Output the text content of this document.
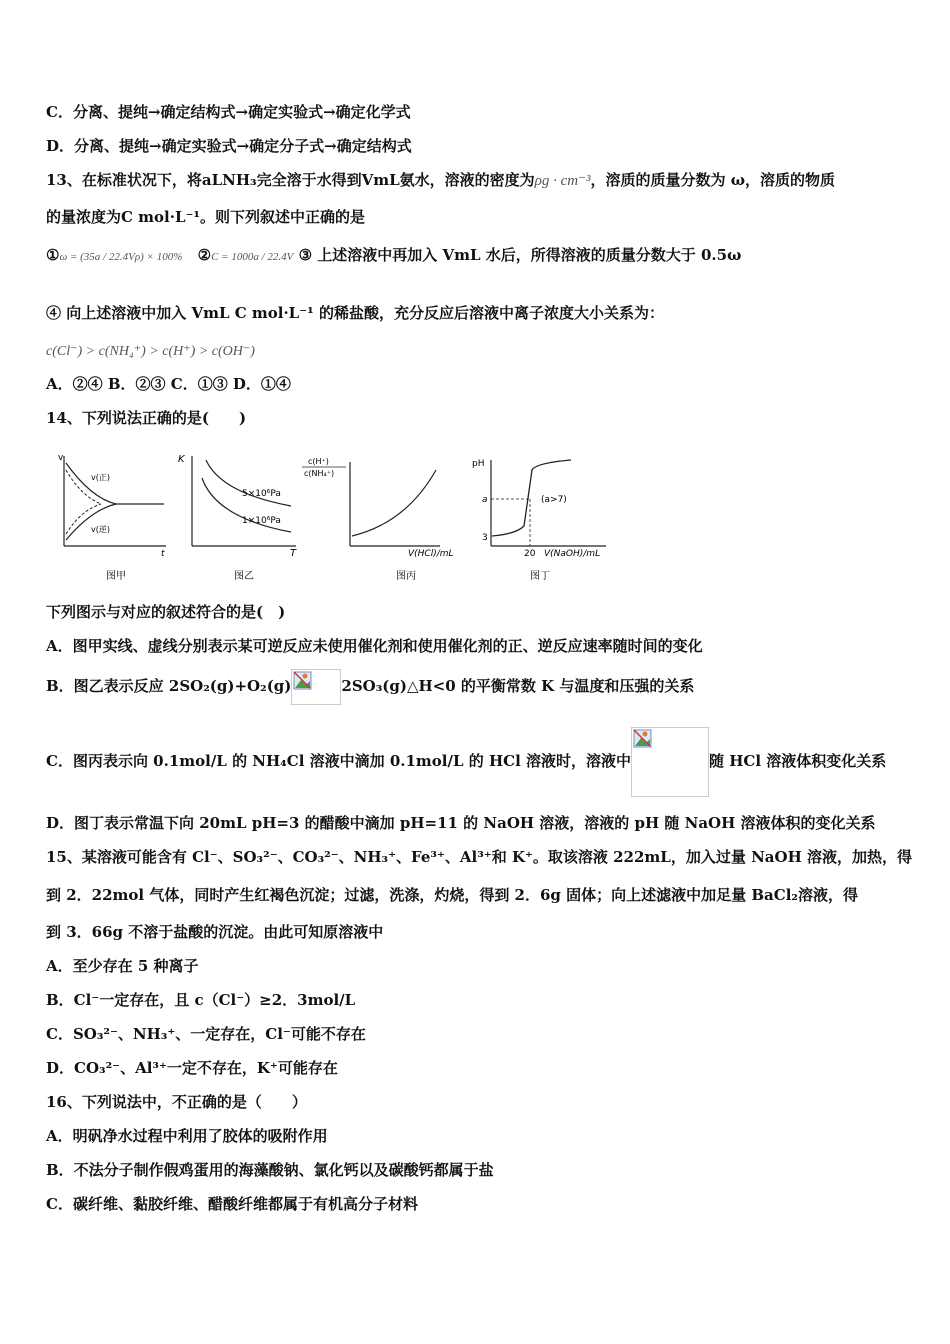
C．分离、提纯→确定结构式→确定实验式→确定化学式
D．分离、提纯→确定实验式→确定分子式→确定结构式
13、在标准状况下，将aLNH₃完全溶于水得到VmL氨水，溶液的密度为ρg · cm⁻³，溶质的质量分数为 ω，溶质的物质
的量浓度为C mol·L⁻¹。则下列叙述中正确的是
①ω = (35a / 22.4Vρ) × 100% ②C = 1000a / 22.4V ③ 上述溶液中再加入 VmL 水后，所得溶液的质量分数大于 0.5ω
④ 向上述溶液中加入 VmL C mol·L⁻¹ 的稀盐酸，充分反应后溶液中离子浓度大小关系为：
c(Cl⁻) > c(NH₄⁺) > c(H⁺) > c(OH⁻)
A．②④ B．②③ C．①③ D．①④
14、下列说法正确的是(　　)
v
t
v(正)
v(逆)
图甲
K
T
5×10⁶Pa
1×10⁶Pa
图乙
c(H⁺)
c(NH₄⁺)
V(HCl)/mL
图丙
pH
a
3
(a>7)
20 V(NaOH)/mL
图丁
下列图示与对应的叙述符合的是(　)
A．图甲实线、虚线分别表示某可逆反应未使用催化剂和使用催化剂的正、逆反应速率随时间的变化
B．图乙表示反应 2SO₂(g)+O₂(g)	2SO₃(g)△H<0 的平衡常数 K 与温度和压强的关系
C．图丙表示向 0.1mol/L 的 NH₄Cl 溶液中滴加 0.1mol/L 的 HCl 溶液时，溶液中	随 HCl 溶液体积变化关系
D．图丁表示常温下向 20mL pH=3 的醋酸中滴加 pH=11 的 NaOH 溶液，溶液的 pH 随 NaOH 溶液体积的变化关系
15、某溶液可能含有 Cl⁻、SO₃²⁻、CO₃²⁻、NH₃⁺、Fe³⁺、Al³⁺和 K⁺。取该溶液 222mL，加入过量 NaOH 溶液，加热，得
到 2．22mol 气体，同时产生红褐色沉淀；过滤，洗涤，灼烧，得到 2．6g 固体；向上述滤液中加足量 BaCl₂溶液，得
到 3．66g 不溶于盐酸的沉淀。由此可知原溶液中
A．至少存在 5 种离子
B．Cl⁻一定存在，且 c（Cl⁻）≥2．3mol/L
C．SO₃²⁻、NH₃⁺、一定存在，Cl⁻可能不存在
D．CO₃²⁻、Al³⁺一定不存在，K⁺可能存在
16、下列说法中，不正确的是（　　）
A．明矾净水过程中利用了胶体的吸附作用
B．不法分子制作假鸡蛋用的海藻酸钠、氯化钙以及碳酸钙都属于盐
C．碳纤维、黏胶纤维、醋酸纤维都属于有机高分子材料
